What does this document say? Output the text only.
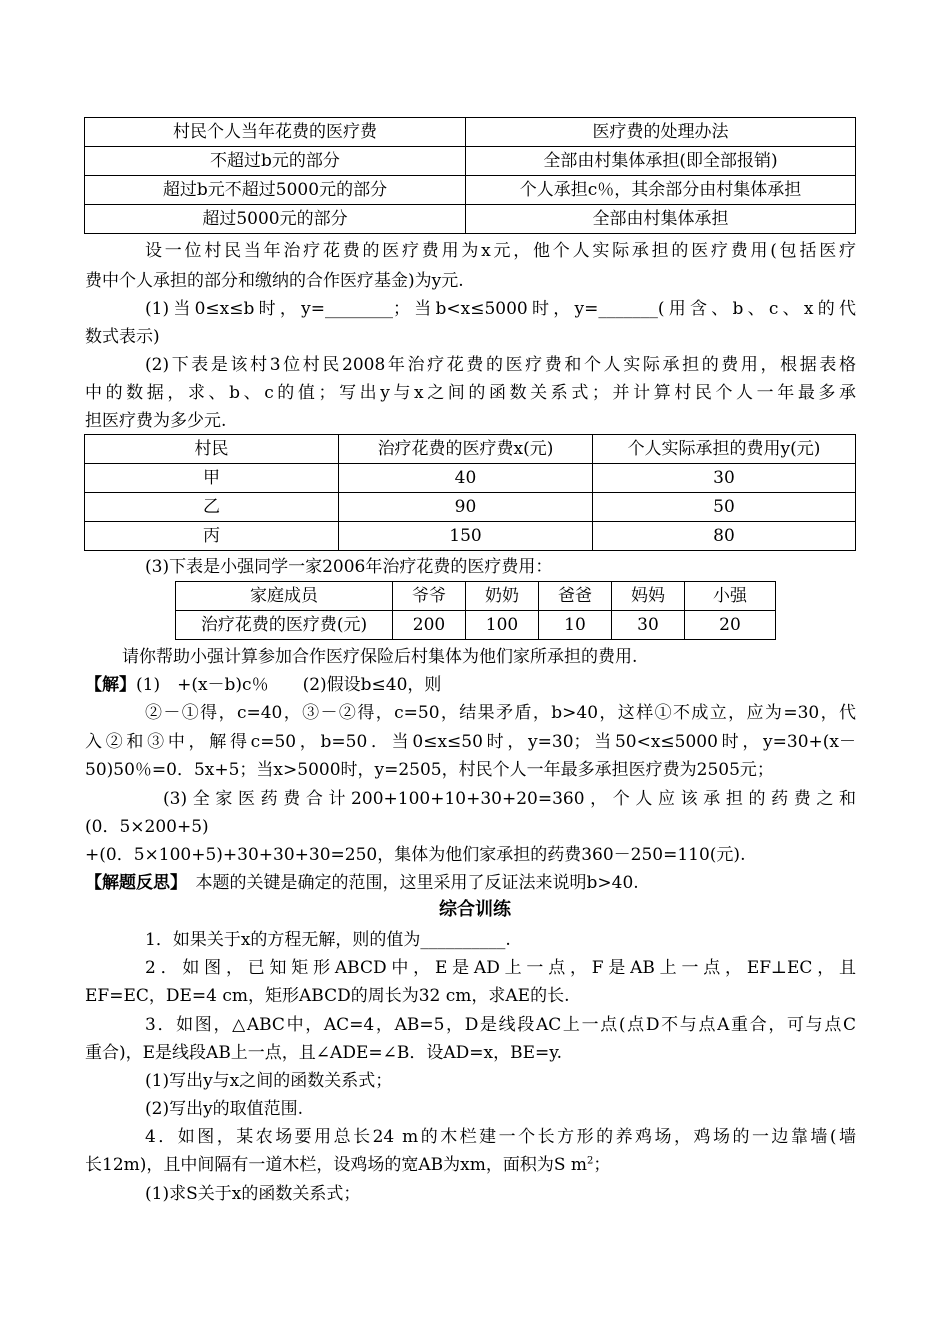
村民个人当年花费的医疗费	医疗费的处理办法
不超过b元的部分	全部由村集体承担(即全部报销)
超过b元不超过5000元的部分	个人承担c％，其余部分由村集体承担
超过5000元的部分	全部由村集体承担
设一位村民当年治疗花费的医疗费用为x元，他个人实际承担的医疗费用(包括医疗
费中个人承担的部分和缴纳的合作医疗基金)为y元.
(1)当0≤x≤b时，y=________；当b<x≤5000时，y=_______(用含、b、c、x的代
数式表示)
(2)下表是该村3位村民2008年治疗花费的医疗费和个人实际承担的费用，根据表格
中的数据，求、b、c的值；写出y与x之间的函数关系式；并计算村民个人一年最多承
担医疗费为多少元.
村民	治疗花费的医疗费x(元)	个人实际承担的费用y(元)
甲	40	30
乙	90	50
丙	150	80
(3)下表是小强同学一家2006年治疗花费的医疗费用：
家庭成员	爷爷	奶奶	爸爸	妈妈	小强
治疗花费的医疗费(元)	200	100	10	30	20
请你帮助小强计算参加合作医疗保险后村集体为他们家所承担的费用.
【解】(1)　+(x－b)c％　　(2)假设b≤40，则
②－①得，c=40，③－②得，c=50，结果矛盾，b>40，这样①不成立，应为=30，代
入②和③中，解得c=50，b=50．当0≤x≤50时，y=30；当50<x≤5000时，y=30+(x－
50)50％=0．5x+5；当x>5000时，y=2505，村民个人一年最多承担医疗费为2505元；
(3)全家医药费合计200+100+10+30+20=360，个人应该承担的药费之和
(0．5×200+5)
+(0．5×100+5)+30+30+30=250，集体为他们家承担的药费360－250=110(元).
【解题反思】　本题的关键是确定的范围，这里采用了反证法来说明b>40.
综合训练
1．如果关于x的方程无解，则的值为__________.
2．如图，已知矩形ABCD中，E是AD上一点，F是AB上一点，EF⊥EC，且
EF=EC，DE=4 cm，矩形ABCD的周长为32 cm，求AE的长.
3．如图，△ABC中，AC=4，AB=5，D是线段AC上一点(点D不与点A重合，可与点C
重合)，E是线段AB上一点，且∠ADE=∠B．设AD=x，BE=y.
(1)写出y与x之间的函数关系式；
(2)写出y的取值范围.
4．如图，某农场要用总长24 m的木栏建一个长方形的养鸡场，鸡场的一边靠墙(墙
长12m)，且中间隔有一道木栏，设鸡场的宽AB为xm，面积为S $m^2$；
(1)求S关于x的函数关系式；
